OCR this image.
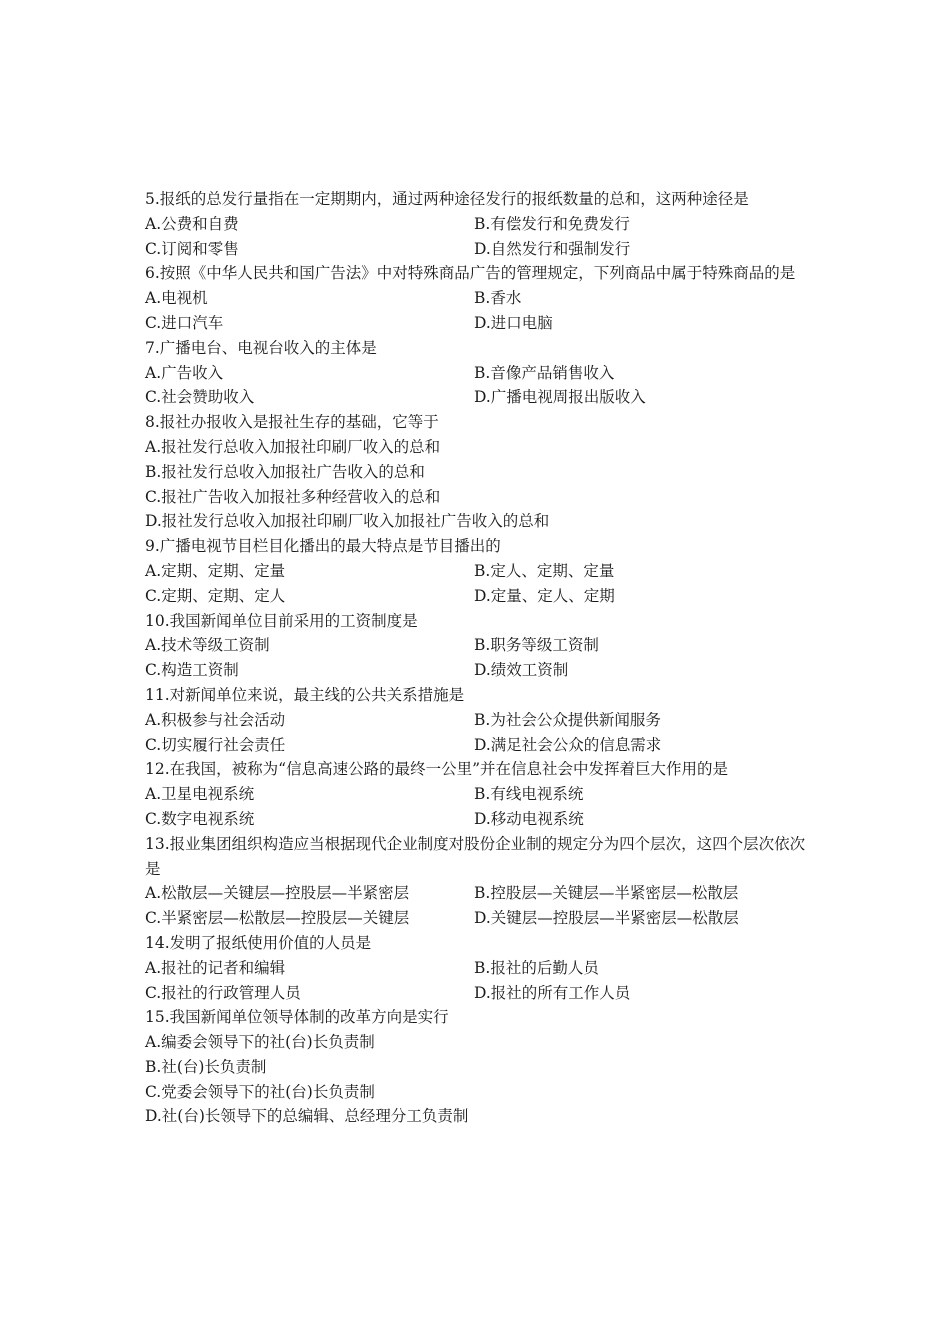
5.报纸的总发行量指在一定期期内，通过两种途径发行的报纸数量的总和，这两种途径是
A.公费和自费	B.有偿发行和免费发行
C.订阅和零售	D.自然发行和强制发行
6.按照《中华人民共和国广告法》中对特殊商品广告的管理规定，下列商品中属于特殊商品的是
A.电视机	B.香水
C.进口汽车	D.进口电脑
7.广播电台、电视台收入的主体是
A.广告收入	B.音像产品销售收入
C.社会赞助收入	D.广播电视周报出版收入
8.报社办报收入是报社生存的基础，它等于
A.报社发行总收入加报社印刷厂收入的总和
B.报社发行总收入加报社广告收入的总和
C.报社广告收入加报社多种经营收入的总和
D.报社发行总收入加报社印刷厂收入加报社广告收入的总和
9.广播电视节目栏目化播出的最大特点是节目播出的
A.定期、定期、定量	B.定人、定期、定量
C.定期、定期、定人	D.定量、定人、定期
10.我国新闻单位目前采用的工资制度是
A.技术等级工资制	B.职务等级工资制
C.构造工资制	D.绩效工资制
11.对新闻单位来说，最主线的公共关系措施是
A.积极参与社会活动	B.为社会公众提供新闻服务
C.切实履行社会责任	D.满足社会公众的信息需求
12.在我国，被称为“信息高速公路的最终一公里”并在信息社会中发挥着巨大作用的是
A.卫星电视系统	B.有线电视系统
C.数字电视系统	D.移动电视系统
13.报业集团组织构造应当根据现代企业制度对股份企业制的规定分为四个层次，这四个层次依次是
A.松散层—关键层—控股层—半紧密层	B.控股层—关键层—半紧密层—松散层
C.半紧密层—松散层—控股层—关键层	D.关键层—控股层—半紧密层—松散层
14.发明了报纸使用价值的人员是
A.报社的记者和编辑	B.报社的后勤人员
C.报社的行政管理人员	D.报社的所有工作人员
15.我国新闻单位领导体制的改革方向是实行
A.编委会领导下的社(台)长负责制
B.社(台)长负责制
C.党委会领导下的社(台)长负责制
D.社(台)长领导下的总编辑、总经理分工负责制
